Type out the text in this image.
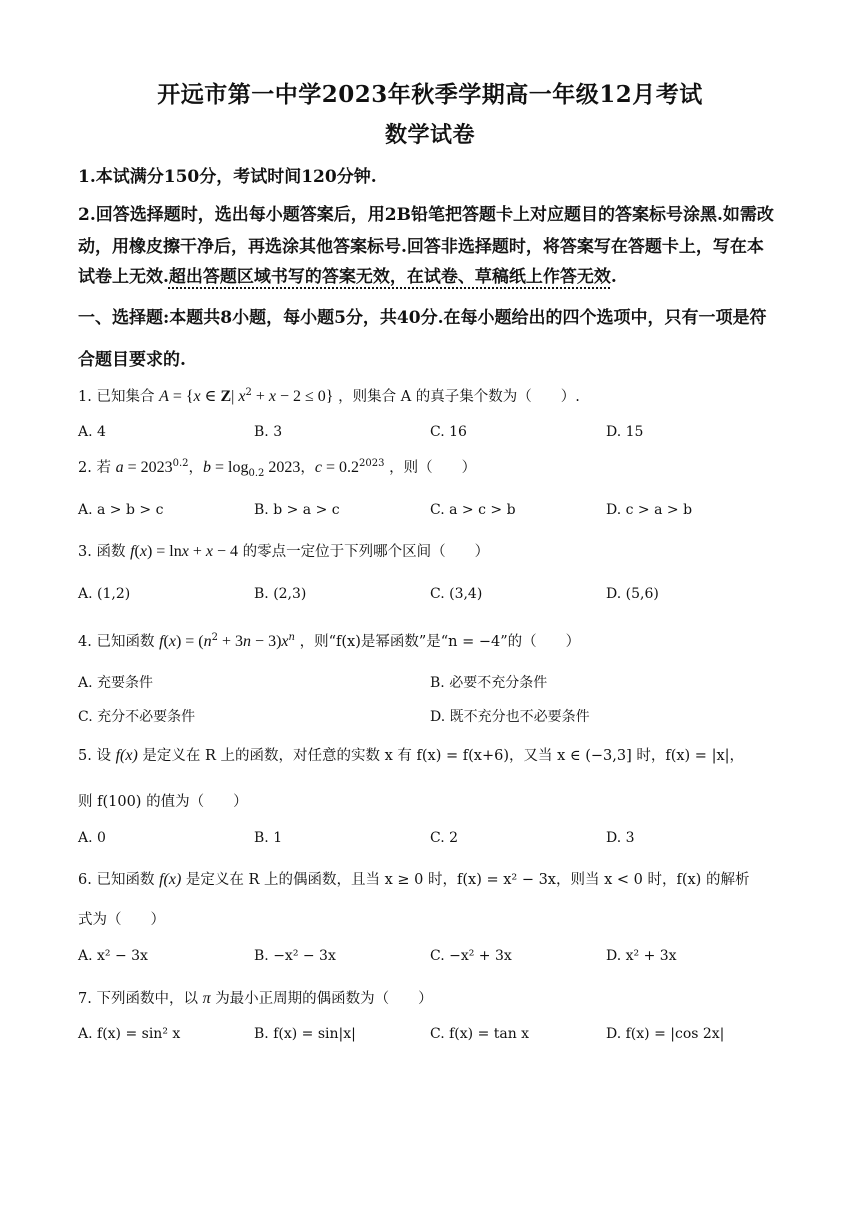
开远市第一中学2023年秋季学期高一年级12月考试
数学试卷
1.本试满分150分，考试时间120分钟.
2.回答选择题时，选出每小题答案后，用2B铅笔把答题卡上对应题目的答案标号涂黑.如需改
动，用橡皮擦干净后，再选涂其他答案标号.回答非选择题时，将答案写在答题卡上，写在本
试卷上无效.超出答题区域书写的答案无效，在试卷、草稿纸上作答无效.
一、选择题:本题共8小题，每小题5分，共40分.在每小题给出的四个选项中，只有一项是符
合题目要求的.
1. 已知集合 A = {x ∈ Z| $x^2 + x - 2 \le 0$} ，则集合 A 的真子集个数为（　　）.
A. 4	B. 3	C. 16	D. 15
2. 若 $a = 2023^{0.2}$，$b = \log_{0.2} 2023$，$c = 0.2^{2023}$ ，则（　　）
A. a > b > c	B. b > a > c	C. a > c > b	D. c > a > b
3. 函数 f(x) = lnx + x − 4 的零点一定位于下列哪个区间（　　）
A. (1,2)	B. (2,3)	C. (3,4)	D. (5,6)
4. 已知函数 $f(x) = (n^2 + 3n - 3)x^n$ ，则“f(x)是幂函数”是“n = −4”的（　　）
A. 充要条件	B. 必要不充分条件
C. 充分不必要条件	D. 既不充分也不必要条件
5. 设 f(x) 是定义在 R 上的函数，对任意的实数 x 有 f(x) = f(x+6)，又当 x ∈ (−3,3] 时，f(x) = |x|，
则 f(100) 的值为（　　）
A. 0	B. 1	C. 2	D. 3
6. 已知函数 f(x) 是定义在 R 上的偶函数，且当 x ≥ 0 时，f(x) = x² − 3x，则当 x < 0 时，f(x) 的解析
式为（　　）
A. x² − 3x	B. −x² − 3x	C. −x² + 3x	D. x² + 3x
7. 下列函数中，以 π 为最小正周期的偶函数为（　　）
A. f(x) = sin² x	B. f(x) = sin|x|	C. f(x) = tan x	D. f(x) = |cos 2x|
